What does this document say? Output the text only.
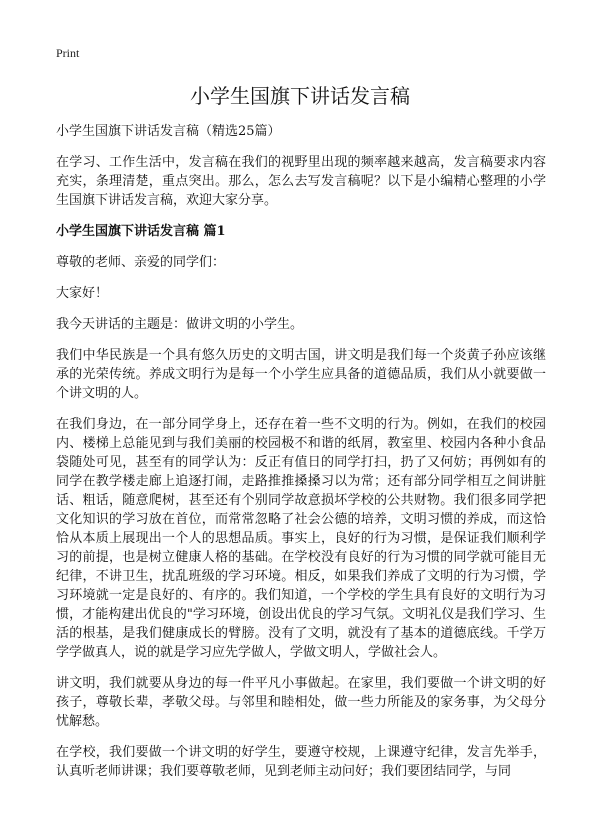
Print
小学生国旗下讲话发言稿

小学生国旗下讲话发言稿（精选25篇）

在学习、工作生活中，发言稿在我们的视野里出现的频率越来越高，发言稿要求内容充实，条理清楚，重点突出。那么，怎么去写发言稿呢？以下是小编精心整理的小学生国旗下讲话发言稿，欢迎大家分享。

小学生国旗下讲话发言稿 篇1

尊敬的老师、亲爱的同学们：

大家好！

我今天讲话的主题是：做讲文明的小学生。

我们中华民族是一个具有悠久历史的文明古国，讲文明是我们每一个炎黄子孙应该继承的光荣传统。养成文明行为是每一个小学生应具备的道德品质，我们从小就要做一个讲文明的人。

在我们身边，在一部分同学身上，还存在着一些不文明的行为。例如，在我们的校园内、楼梯上总能见到与我们美丽的校园极不和谐的纸屑，教室里、校园内各种小食品袋随处可见，甚至有的同学认为：反正有值日的同学打扫，扔了又何妨；再例如有的同学在教学楼走廊上追逐打闹，走路推推搡搡习以为常；还有部分同学相互之间讲脏话、粗话，随意爬树，甚至还有个别同学故意损坏学校的公共财物。我们很多同学把文化知识的学习放在首位，而常常忽略了社会公德的培养，文明习惯的养成，而这恰恰从本质上展现出一个人的思想品质。事实上，良好的行为习惯，是保证我们顺利学习的前提，也是树立健康人格的基础。在学校没有良好的行为习惯的同学就可能目无纪律，不讲卫生，扰乱班级的学习环境。相反，如果我们养成了文明的行为习惯，学习环境就一定是良好的、有序的。我们知道，一个学校的学生具有良好的文明行为习惯，才能构建出优良的"学习环境，创设出优良的学习气氛。文明礼仪是我们学习、生活的根基，是我们健康成长的臂膀。没有了文明，就没有了基本的道德底线。千学万学学做真人，说的就是学习应先学做人，学做文明人，学做社会人。

讲文明，我们就要从身边的每一件平凡小事做起。在家里，我们要做一个讲文明的好孩子，尊敬长辈，孝敬父母。与邻里和睦相处，做一些力所能及的家务事，为父母分忧解愁。

在学校，我们要做一个讲文明的好学生，要遵守校规，上课遵守纪律，发言先举手，认真听老师讲课；我们要尊敬老师，见到老师主动问好；我们要团结同学，与同
